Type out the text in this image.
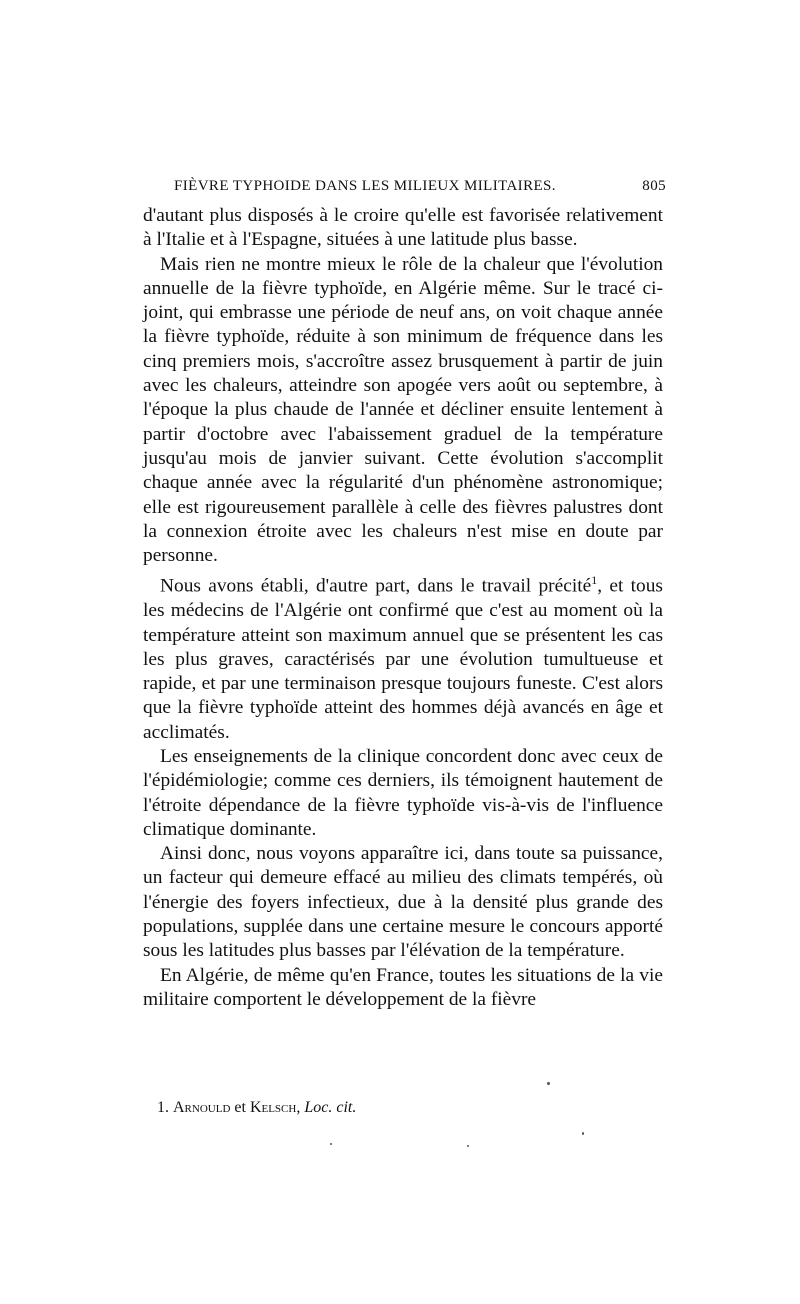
FIÈVRE TYPHOIDE DANS LES MILIEUX MILITAIRES.	805

d'autant plus disposés à le croire qu'elle est favorisée relativement à l'Italie et à l'Espagne, situées à une latitude plus basse.

Mais rien ne montre mieux le rôle de la chaleur que l'évolution annuelle de la fièvre typhoïde, en Algérie même. Sur le tracé ci-joint, qui embrasse une période de neuf ans, on voit chaque année la fièvre typhoïde, réduite à son minimum de fréquence dans les cinq premiers mois, s'accroître assez brusquement à partir de juin avec les chaleurs, atteindre son apogée vers août ou septembre, à l'époque la plus chaude de l'année et décliner ensuite lentement à partir d'octobre avec l'abaissement graduel de la température jusqu'au mois de janvier suivant. Cette évolution s'accomplit chaque année avec la régularité d'un phénomène astronomique; elle est rigoureusement parallèle à celle des fièvres palustres dont la connexion étroite avec les chaleurs n'est mise en doute par personne.

Nous avons établi, d'autre part, dans le travail précité$^1$, et tous les médecins de l'Algérie ont confirmé que c'est au moment où la température atteint son maximum annuel que se présentent les cas les plus graves, caractérisés par une évolution tumultueuse et rapide, et par une terminaison presque toujours funeste. C'est alors que la fièvre typhoïde atteint des hommes déjà avancés en âge et acclimatés.

Les enseignements de la clinique concordent donc avec ceux de l'épidémiologie; comme ces derniers, ils témoignent hautement de l'étroite dépendance de la fièvre typhoïde vis-à-vis de l'influence climatique dominante.

Ainsi donc, nous voyons apparaître ici, dans toute sa puissance, un facteur qui demeure effacé au milieu des climats tempérés, où l'énergie des foyers infectieux, due à la densité plus grande des populations, supplée dans une certaine mesure le concours apporté sous les latitudes plus basses par l'élévation de la température.

En Algérie, de même qu'en France, toutes les situations de la vie militaire comportent le développement de la fièvre

1. Arnould et Kelsch, Loc. cit.
